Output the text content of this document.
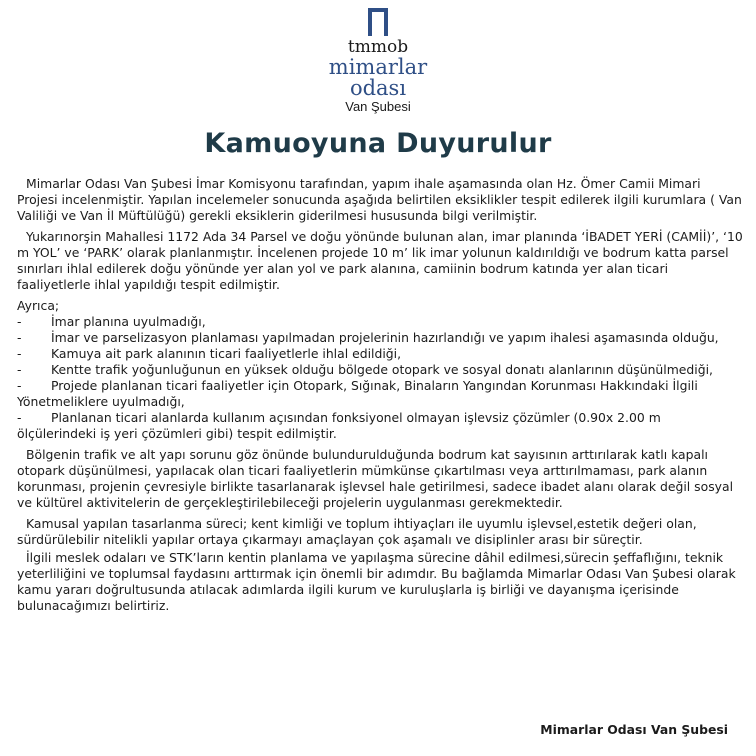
tmmob
mimarlar
odası
Van Şubesi
Kamuoyuna Duyurulur

Mimarlar Odası Van Şubesi İmar Komisyonu tarafından, yapım ihale aşamasında olan Hz. Ömer Camii Mimari Projesi incelenmiştir. Yapılan incelemeler sonucunda aşağıda belirtilen eksiklikler tespit edilerek ilgili kurumlara ( Van Valiliği ve Van İl Müftülüğü) gerekli eksiklerin giderilmesi hususunda bilgi verilmiştir.

Yukarınorşin Mahallesi 1172 Ada 34 Parsel ve doğu yönünde bulunan alan, imar planında ‘İBADET YERİ (CAMİİ)’, ‘10 m YOL’ ve ‘PARK’ olarak planlanmıştır. İncelenen projede 10 m’ lik imar yolunun kaldırıldığı ve bodrum katta parsel sınırları ihlal edilerek doğu yönünde yer alan yol ve park alanına, camiinin bodrum katında yer alan ticari faaliyetlerle ihlal yapıldığı tespit edilmiştir.

Ayrıca;

- İmar planına uyulmadığı,
- İmar ve parselizasyon planlaması yapılmadan projelerinin hazırlandığı ve yapım ihalesi aşamasında olduğu,
- Kamuya ait park alanının ticari faaliyetlerle ihlal edildiği,
- Kentte trafik yoğunluğunun en yüksek olduğu bölgede otopark ve sosyal donatı alanlarının düşünülmediği,
- Projede planlanan ticari faaliyetler için Otopark, Sığınak, Binaların Yangından Korunması Hakkındaki İlgili Yönetmeliklere uyulmadığı,
- Planlanan ticari alanlarda kullanım açısından fonksiyonel olmayan işlevsiz çözümler (0.90x 2.00 m ölçülerindeki iş yeri çözümleri gibi) tespit edilmiştir.

Bölgenin trafik ve alt yapı sorunu göz önünde bulundurulduğunda bodrum kat sayısının arttırılarak katlı kapalı otopark düşünülmesi, yapılacak olan ticari faaliyetlerin mümkünse çıkartılması veya arttırılmaması, park alanın korunması, projenin çevresiyle birlikte tasarlanarak işlevsel hale getirilmesi, sadece ibadet alanı olarak değil sosyal ve kültürel aktivitelerin de gerçekleştirilebileceği projelerin uygulanması gerekmektedir.

Kamusal yapılan tasarlanma süreci; kent kimliği ve toplum ihtiyaçları ile uyumlu işlevsel,estetik değeri olan, sürdürülebilir nitelikli yapılar ortaya çıkarmayı amaçlayan çok aşamalı ve disiplinler arası bir süreçtir.

İlgili meslek odaları ve STK’ların kentin planlama ve yapılaşma sürecine dâhil edilmesi,sürecin şeffaflığını, teknik yeterliliğini ve toplumsal faydasını arttırmak için önemli bir adımdır. Bu bağlamda Mimarlar Odası Van Şubesi olarak kamu yararı doğrultusunda atılacak adımlarda ilgili kurum ve kuruluşlarla iş birliği ve dayanışma içerisinde bulunacağımızı belirtiriz.

Mimarlar Odası Van Şubesi
